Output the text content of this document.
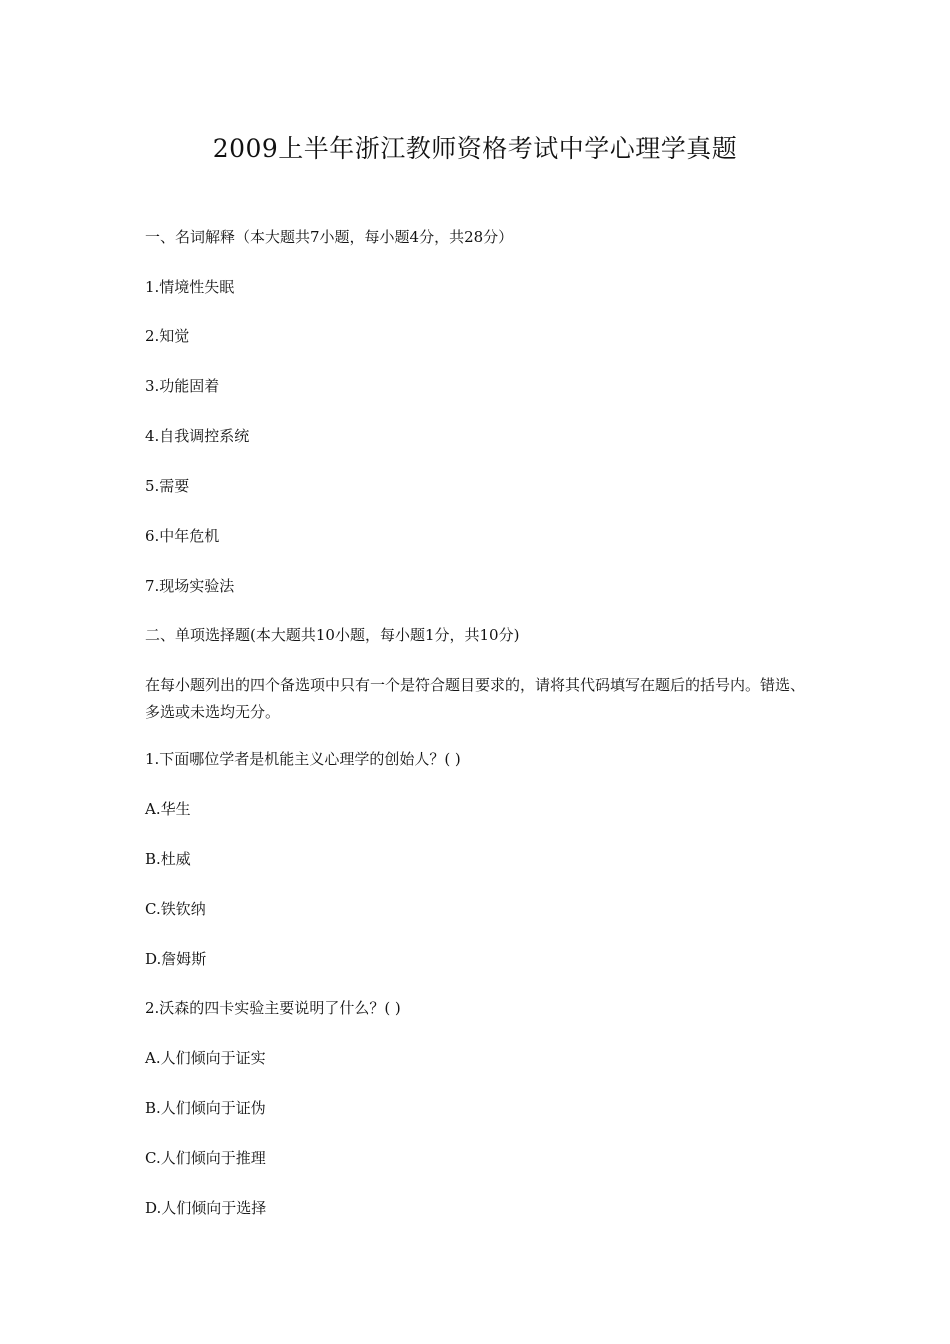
2009上半年浙江教师资格考试中学心理学真题
一、名词解释（本大题共7小题，每小题4分，共28分）
1.情境性失眠
2.知觉
3.功能固着
4.自我调控系统
5.需要
6.中年危机
7.现场实验法
二、单项选择题(本大题共10小题，每小题1分，共10分)
在每小题列出的四个备选项中只有一个是符合题目要求的，请将其代码填写在题后的括号内。错选、多选或未选均无分。
1.下面哪位学者是机能主义心理学的创始人？( )
A.华生
B.杜威
C.铁钦纳
D.詹姆斯
2.沃森的四卡实验主要说明了什么？( )
A.人们倾向于证实
B.人们倾向于证伪
C.人们倾向于推理
D.人们倾向于选择
